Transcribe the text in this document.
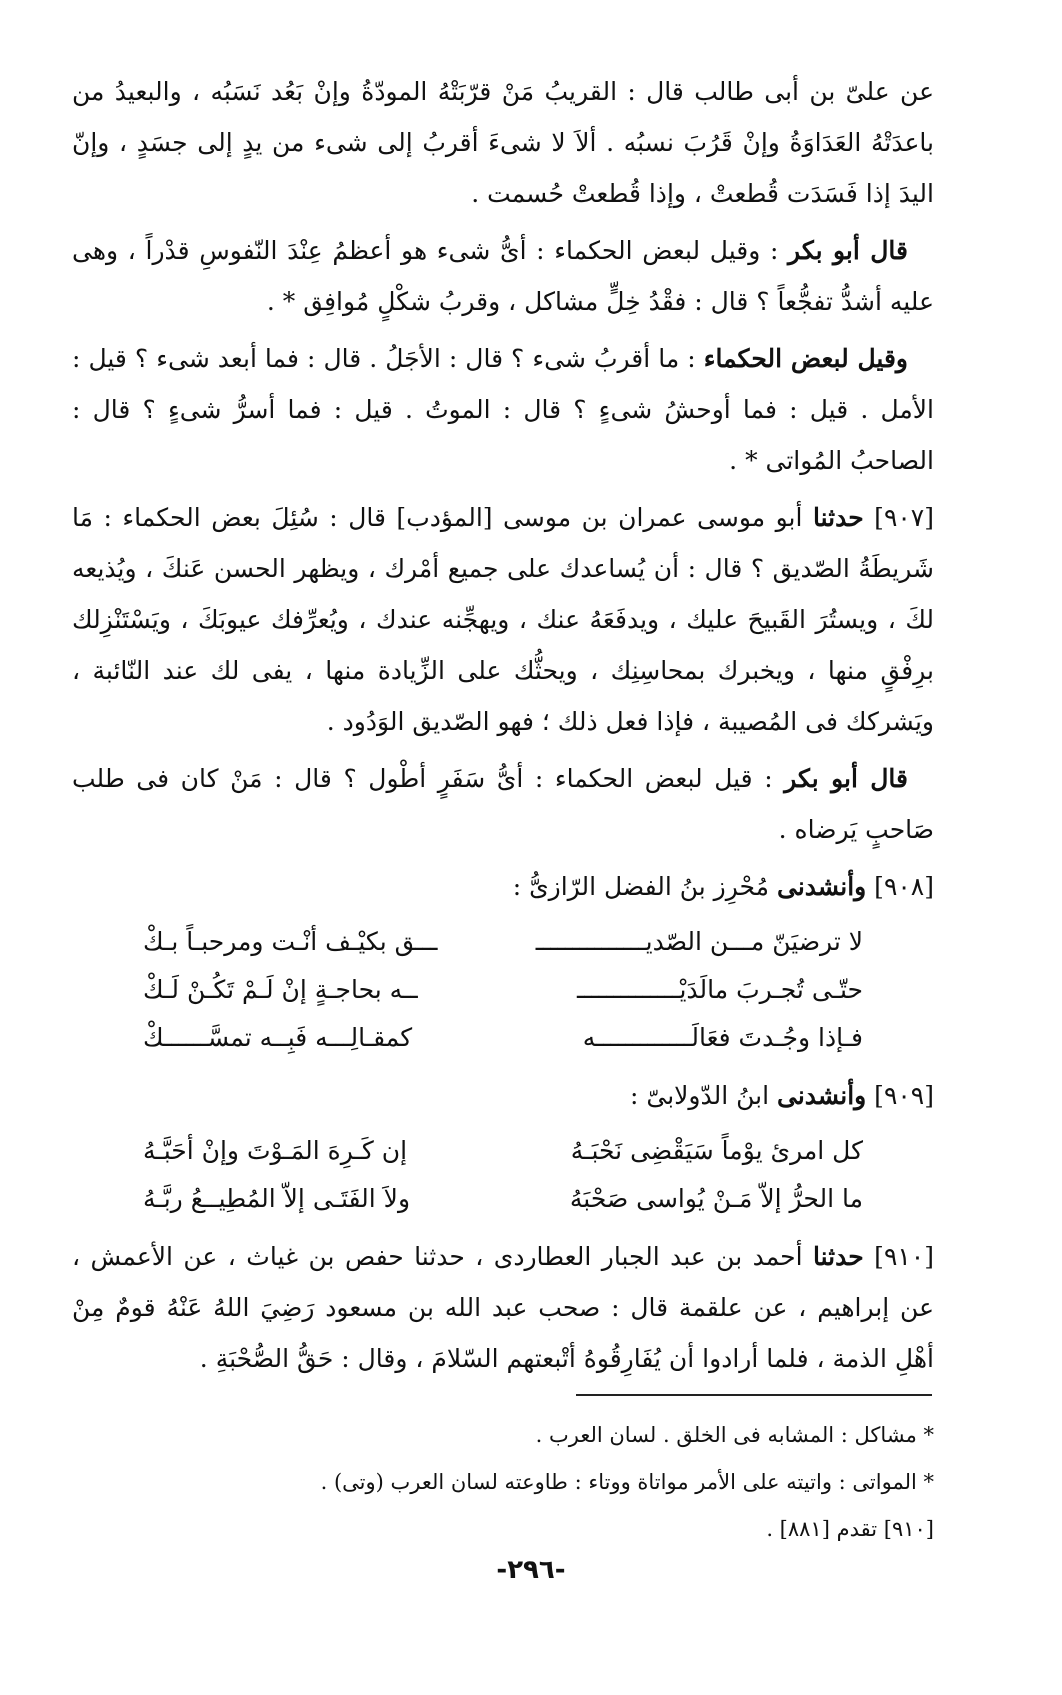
عن علىّ بن أبى طالب قال : القريبُ مَنْ قرّبَتْهُ المودّةُ وإنْ بَعُد نَسَبُه ، والبعيدُ من باعدَتْهُ العَدَاوَةُ وإنْ قَرُبَ نسبُه . ألاَ لا شىءَ أقربُ إلى شىء من يدٍ إلى جسَدٍ ، وإنّ اليدَ إذا فَسَدَت قُطعتْ ، وإذا قُطعتْ حُسمت .

قال أبو بكر : وقيل لبعض الحكماء : أىُّ شىء هو أعظمُ عِنْدَ النّفوسِ قدْراً ، وهى عليه أشدُّ تفجُّعاً ؟ قال : فقْدُ خِلٍّ مشاكل ، وقربُ شكْلٍ مُوافِق * .

وقيل لبعض الحكماء : ما أقربُ شىء ؟ قال : الأجَلُ . قال : فما أبعد شىء ؟ قيل : الأمل . قيل : فما أوحشُ شىءٍ ؟ قال : الموتُ . قيل : فما أسرُّ شىءٍ ؟ قال : الصاحبُ المُواتى * .

[٩٠٧] حدثنا أبو موسى عمران بن موسى [المؤدب] قال : سُئِلَ بعض الحكماء : مَا شَريطَةُ الصّديق ؟ قال : أن يُساعدك على جميع أمْرك ، ويظهر الحسن عَنكَ ، ويُذيعه لكَ ، ويستُرَ القَبيحَ عليك ، ويدفَعَهُ عنك ، ويهجِّنه عندك ، ويُعرِّفك عيوبَكَ ، ويَسْتَنْزِلك برِفْقٍ منها ، ويخبرك بمحاسِنِك ، ويحثُّك على الزِّيادة منها ، يفى لك عند النّائبة ، ويَشركك فى المُصيبة ، فإذا فعل ذلك ؛ فهو الصّديق الوَدُود .

قال أبو بكر : قيل لبعض الحكماء : أىُّ سَفَرٍ أطْول ؟ قال : مَنْ كان فى طلب صَاحبٍ يَرضاه .

[٩٠٨] وأنشدنى مُحْرِز بنُ الفضل الرّازىُّ :

لا ترضيَنّ مـــن الصّديـــــــــــــــ
ـــق بكيْـف أنْـت ومرحبـاً بـكْ
حتّـى تُجـربَ مالَدَيْــــــــــــــ
ــه بحاجـةٍ إنْ لَـمْ تَكُـنْ لَـكْ
فـإذا وجُـدتَ فعَالَـــــــــــــه
كمقـالِـــه فَبِــه تمسَّــــــكْ

[٩٠٩] وأنشدنى ابنُ الدّولابىّ :

كل امرئ يوْماً سَيَقْضِى نَحْبَـهُ
إن كَـرِهَ المَـوْتَ وإنْ أحَبَّـهُ
ما الحرُّ إلاّ مَـنْ يُواسى صَحْبَهُ
ولاَ الفَتَـى إلاّ المُطِيــعُ ربَّـهُ

[٩١٠] حدثنا أحمد بن عبد الجبار العطاردى ، حدثنا حفص بن غياث ، عن الأعمش ، عن إبراهيم ، عن علقمة قال : صحب عبد الله بن مسعود رَضِيَ اللهُ عَنْهُ قومٌ مِنْ أهْلِ الذمة ، فلما أرادوا أن يُفَارِقُوهُ أتْبعتهم السّلامَ ، وقال : حَقُّ الصُّحْبَةِ .

* مشاكل : المشابه فى الخلق . لسان العرب .
* المواتى : واتيته على الأمر مواتاة ووتاء : طاوعته لسان العرب (وتى) .
[٩١٠] تقدم [٨٨١] .
-٢٩٦-
